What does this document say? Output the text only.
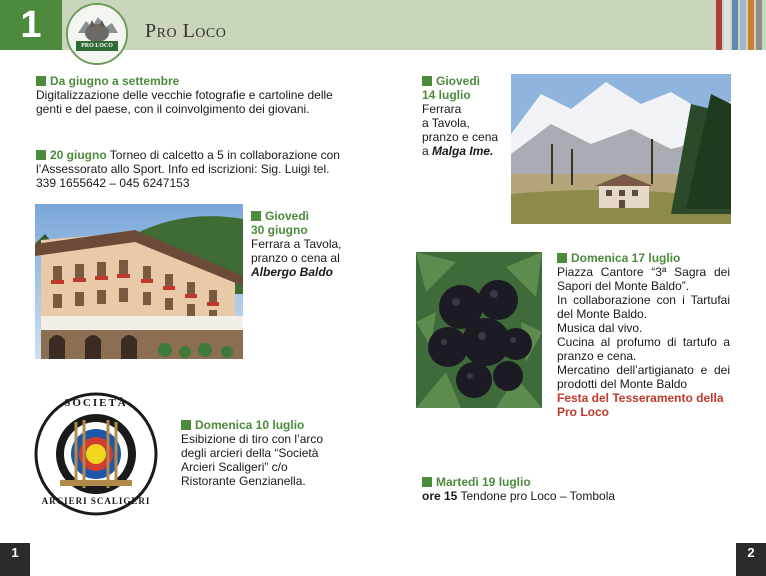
1	PRO LOCO
Pro Loco
Da giugno a settembre
Digitalizzazione delle vecchie fotografie e cartoline delle genti e del paese, con il coinvolgimento dei giovani.
20 giugno Torneo di calcetto a 5 in collaborazione con l’Assessorato allo Sport. Info ed iscrizioni: Sig. Luigi tel. 339 1655642 – 045 6247153
Giovedì
30 giugno
Ferrara a Tavola,
pranzo o cena al
Albergo Baldo
SOCIETÀ
ARCIERI SCALIGERI
Domenica 10 luglio
Esibizione di tiro con l’arco degli arcieri della “Società Arcieri Scaligeri” c/o Ristorante Genzianella.
Giovedì
14 luglio
Ferrara
a Tavola,
pranzo e cena
a Malga Ime.
Domenica 17 luglio
Piazza Cantore “3ª Sagra dei Sapori del Monte Baldo”.
In collaborazione con i Tartufai del Monte Baldo.
Musica dal vivo.
Cucina al profumo di tartufo a pranzo e cena.
Mercatino dell’artigianato e dei prodotti del Monte Baldo
Festa del Tesseramento della Pro Loco
Martedì 19 luglio
ore 15 Tendone pro Loco – Tombola
1	2
